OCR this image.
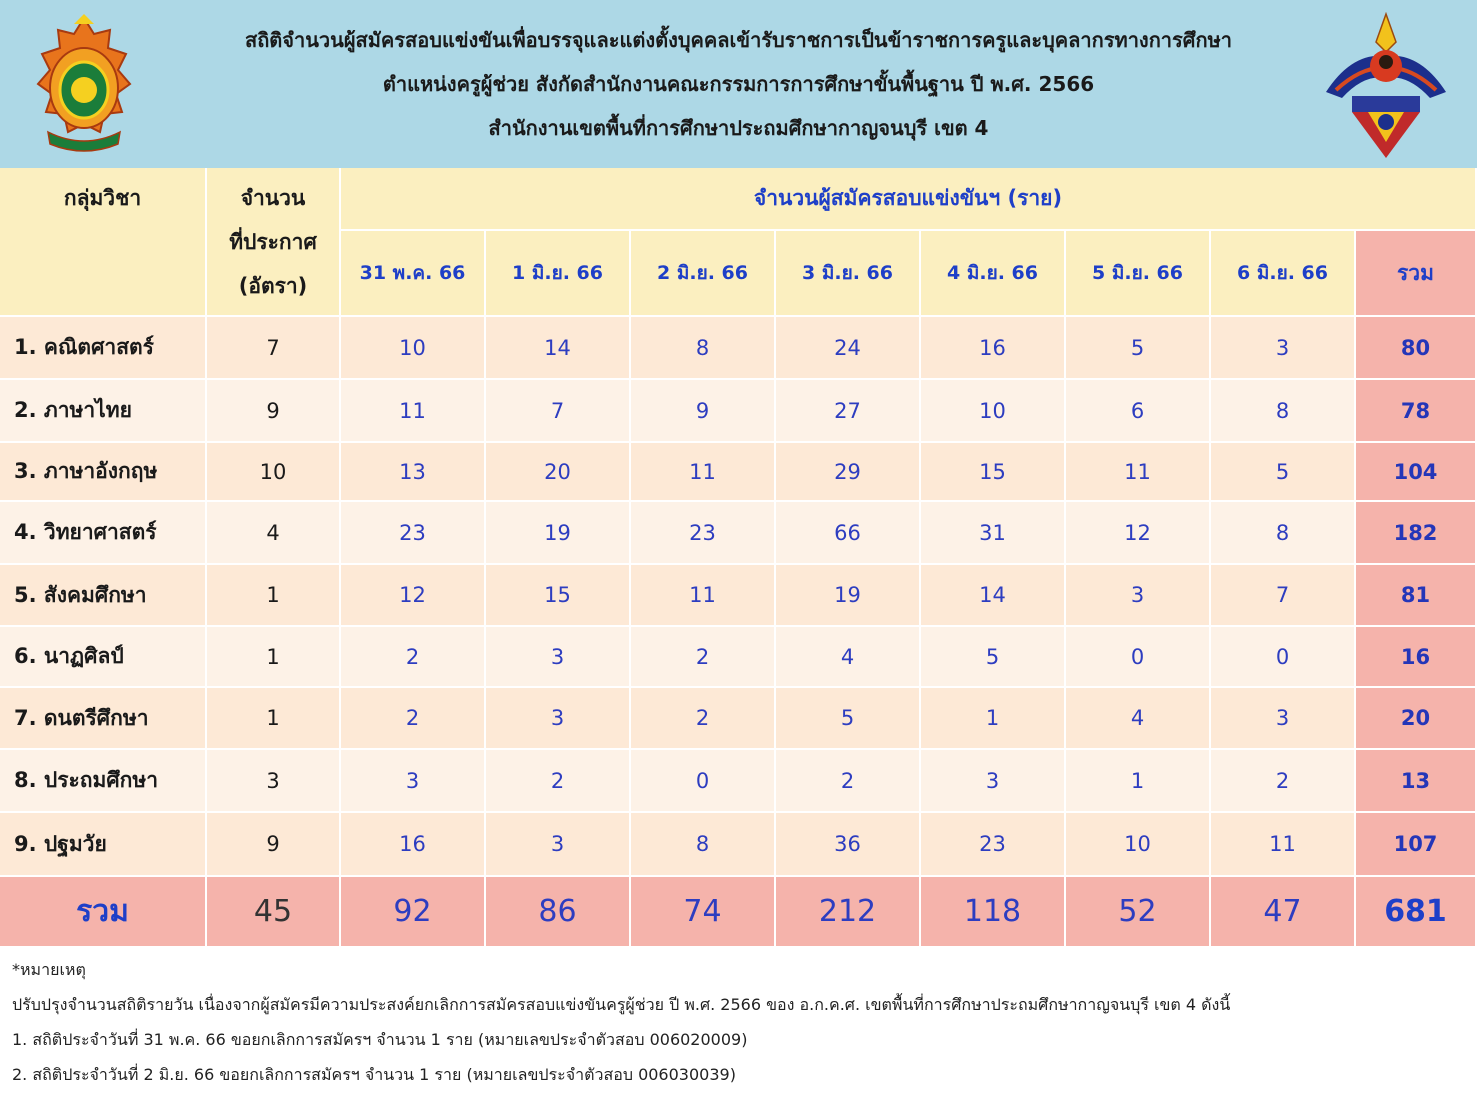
สถิติจำนวนผู้สมัครสอบแข่งขันเพื่อบรรจุและแต่งตั้งบุคคลเข้ารับราชการเป็นข้าราชการครูและบุคลากรทางการศึกษา
ตำแหน่งครูผู้ช่วย สังกัดสำนักงานคณะกรรมการการศึกษาขั้นพื้นฐาน ปี พ.ศ. 2566
สำนักงานเขตพื้นที่การศึกษาประถมศึกษากาญจนบุรี เขต 4
กลุ่มวิชา	จำนวน
ที่ประกาศ
(อัตรา)
จำนวนผู้สมัครสอบแข่งขันฯ (ราย)
31 พ.ค. 66	1 มิ.ย. 66	2 มิ.ย. 66	3 มิ.ย. 66	4 มิ.ย. 66	5 มิ.ย. 66	6 มิ.ย. 66	รวม
1. คณิตศาสตร์	7	10	14	8	24	16	5	3	80
2. ภาษาไทย	9	11	7	9	27	10	6	8	78
3. ภาษาอังกฤษ	10	13	20	11	29	15	11	5	104
4. วิทยาศาสตร์	4	23	19	23	66	31	12	8	182
5. สังคมศึกษา	1	12	15	11	19	14	3	7	81
6. นาฏศิลป์	1	2	3	2	4	5	0	0	16
7. ดนตรีศึกษา	1	2	3	2	5	1	4	3	20
8. ประถมศึกษา	3	3	2	0	2	3	1	2	13
9. ปฐมวัย	9	16	3	8	36	23	10	11	107
รวม	45	92	86	74	212	118	52	47	681
*หมายเหตุ
ปรับปรุงจำนวนสถิติรายวัน เนื่องจากผู้สมัครมีความประสงค์ยกเลิกการสมัครสอบแข่งขันครูผู้ช่วย ปี พ.ศ. 2566 ของ อ.ก.ค.ศ. เขตพื้นที่การศึกษาประถมศึกษากาญจนบุรี เขต 4 ดังนี้
1. สถิติประจำวันที่ 31 พ.ค. 66 ขอยกเลิกการสมัครฯ จำนวน 1 ราย (หมายเลขประจำตัวสอบ 006020009)
2. สถิติประจำวันที่ 2 มิ.ย. 66 ขอยกเลิกการสมัครฯ จำนวน 1 ราย (หมายเลขประจำตัวสอบ 006030039)
